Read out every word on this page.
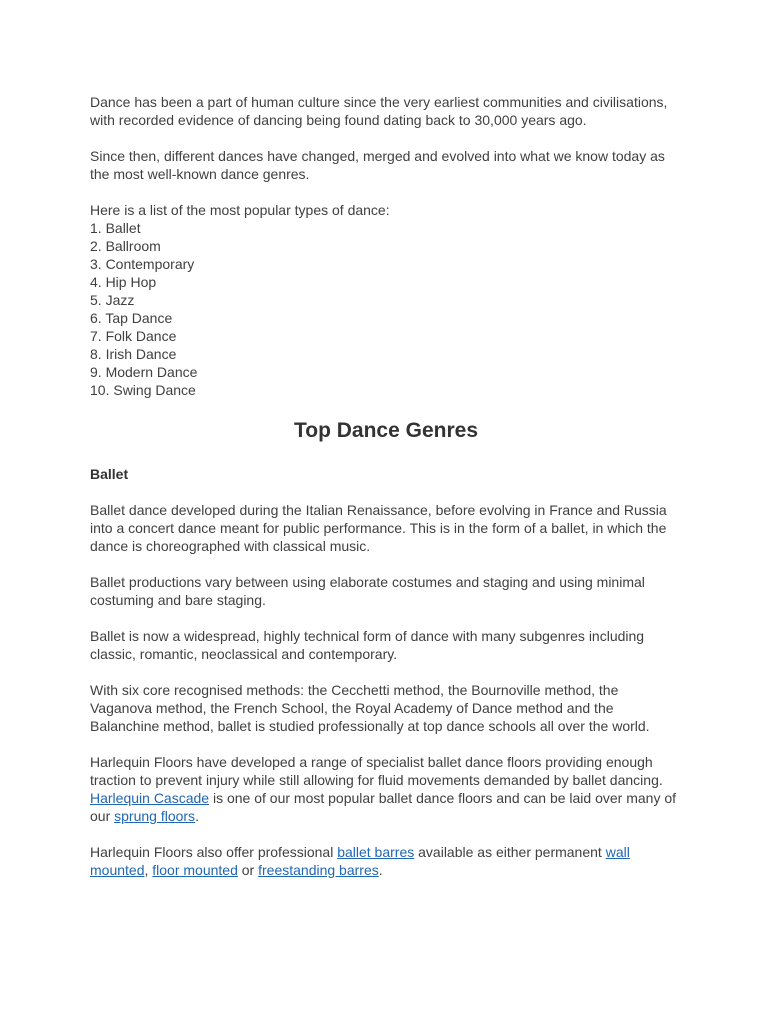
Dance has been a part of human culture since the very earliest communities and civilisations, with recorded evidence of dancing being found dating back to 30,000 years ago.

Since then, different dances have changed, merged and evolved into what we know today as the most well-known dance genres.

Here is a list of the most popular types of dance:
1. Ballet
2. Ballroom
3. Contemporary
4. Hip Hop
5. Jazz
6. Tap Dance
7. Folk Dance
8. Irish Dance
9. Modern Dance
10. Swing Dance
Top Dance Genres
Ballet

Ballet dance developed during the Italian Renaissance, before evolving in France and Russia into a concert dance meant for public performance. This is in the form of a ballet, in which the dance is choreographed with classical music.

Ballet productions vary between using elaborate costumes and staging and using minimal costuming and bare staging.

Ballet is now a widespread, highly technical form of dance with many subgenres including classic, romantic, neoclassical and contemporary.

With six core recognised methods: the Cecchetti method, the Bournoville method, the Vaganova method, the French School, the Royal Academy of Dance method and the Balanchine method, ballet is studied professionally at top dance schools all over the world.

Harlequin Floors have developed a range of specialist ballet dance floors providing enough traction to prevent injury while still allowing for fluid movements demanded by ballet dancing. Harlequin Cascade is one of our most popular ballet dance floors and can be laid over many of our sprung floors.

Harlequin Floors also offer professional ballet barres available as either permanent wall mounted, floor mounted or freestanding barres.
